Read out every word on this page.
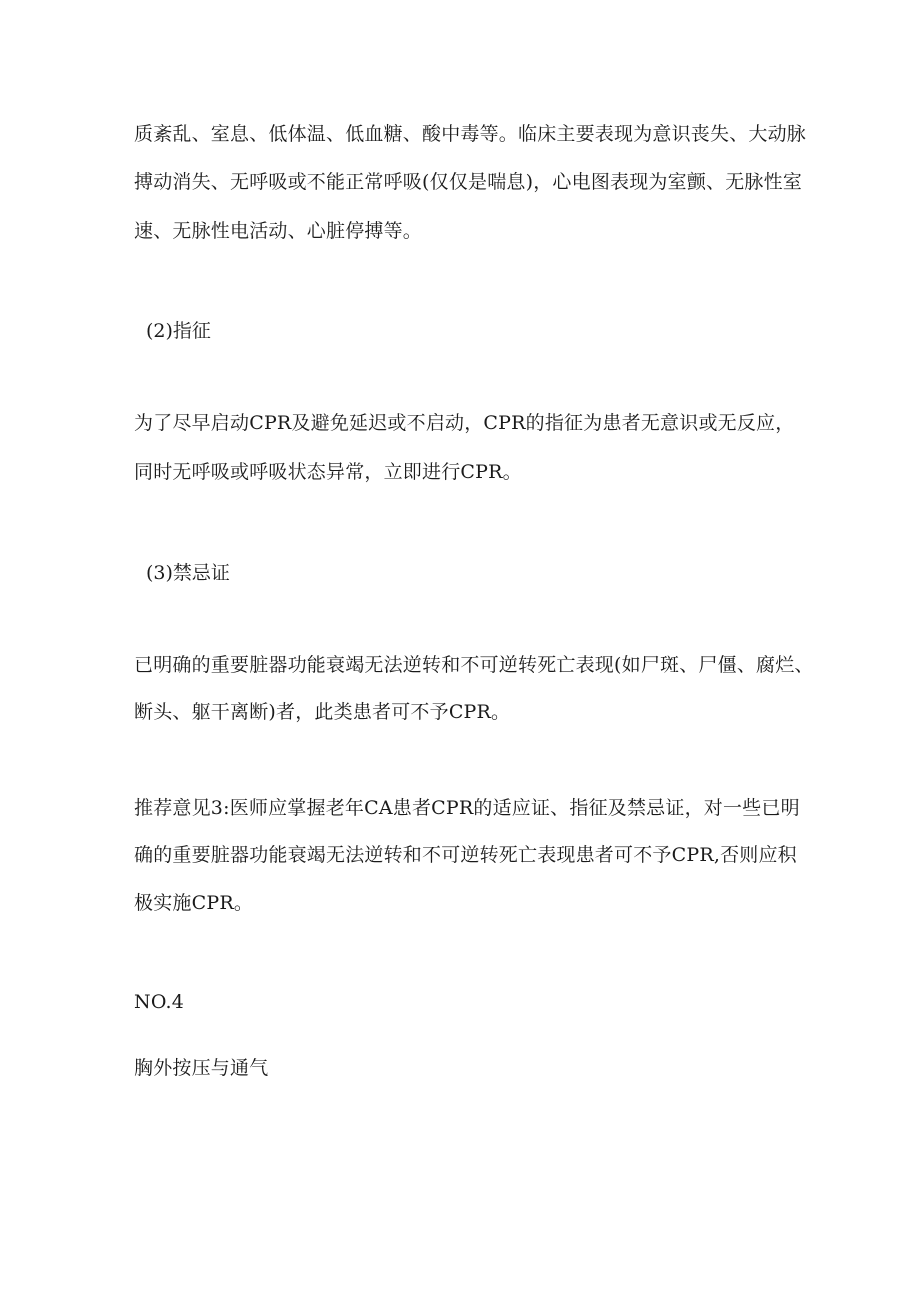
质紊乱、室息、低体温、低血糖、酸中毒等。临床主要表现为意识丧失、大动脉
搏动消失、无呼吸或不能正常呼吸(仅仅是喘息)，心电图表现为室颤、无脉性室
速、无脉性电活动、心脏停搏等。
(2)指征
为了尽早启动CPR及避免延迟或不启动，CPR的指征为患者无意识或无反应，
同时无呼吸或呼吸状态异常，立即进行CPR。
(3)禁忌证
已明确的重要脏器功能衰竭无法逆转和不可逆转死亡表现(如尸斑、尸僵、腐烂、
断头、躯干离断)者，此类患者可不予CPR。
推荐意见3:医师应掌握老年CA患者CPR的适应证、指征及禁忌证，对一些已明
确的重要脏器功能衰竭无法逆转和不可逆转死亡表现患者可不予CPR,否则应积
极实施CPR。
NO.4
胸外按压与通气
